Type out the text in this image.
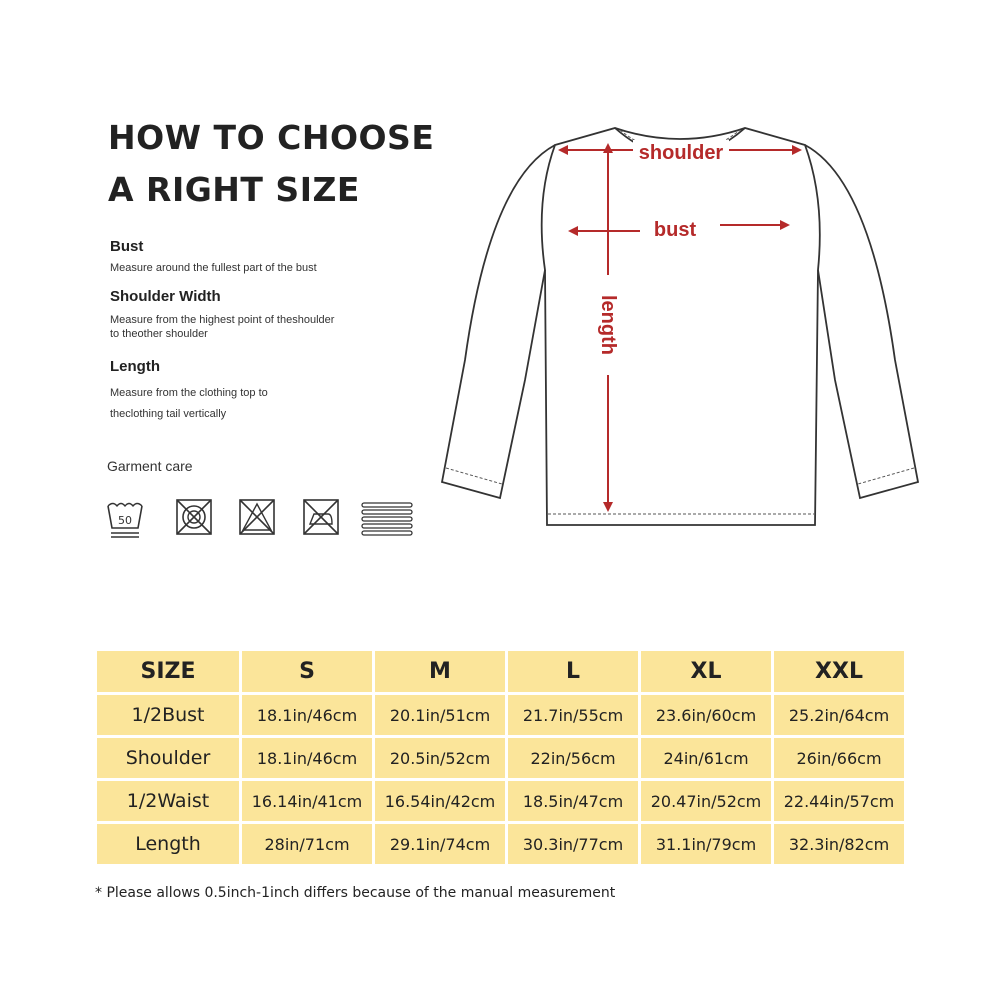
HOW TO CHOOSE
A RIGHT SIZE
Bust

Measure around the fullest part of the bust

Shoulder Width

Measure from the highest point of theshoulder
to theother shoulder

Length

Measure from the clothing top to
theclothing tail vertically

Garment care
50
shoulder
bust
length
SIZE	S	M	L	XL	XXL
1/2Bust	18.1in/46cm	20.1in/51cm	21.7in/55cm	23.6in/60cm	25.2in/64cm
Shoulder	18.1in/46cm	20.5in/52cm	22in/56cm	24in/61cm	26in/66cm
1/2Waist	16.14in/41cm	16.54in/42cm	18.5in/47cm	20.47in/52cm	22.44in/57cm
Length	28in/71cm	29.1in/74cm	30.3in/77cm	31.1in/79cm	32.3in/82cm
* Please allows 0.5inch-1inch differs because of the manual measurement
